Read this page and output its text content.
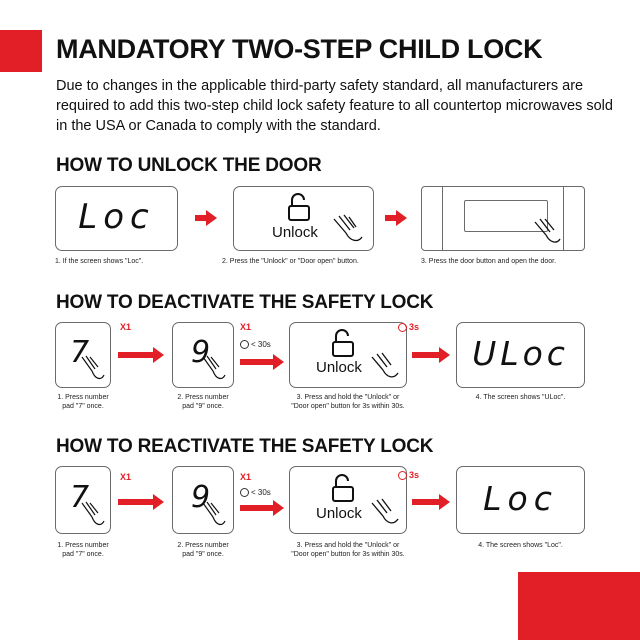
MANDATORY TWO-STEP CHILD LOCK
Due to changes in the applicable third-party safety standard, all manufacturers are required to add this two-step child lock safety feature to all countertop microwaves sold in the USA or Canada to comply with the standard.
HOW TO UNLOCK THE DOOR
Loc
1. If the screen shows "Loc".
Unlock
2. Press the "Unlock" or "Door open" button.	3. Press the door button and open the door.
HOW TO DEACTIVATE THE SAFETY LOCK
7
X1
1. Press number
pad "7" once.
9
X1
< 30s
2. Press number
pad "9" once.
Unlock
3s
3. Press and hold the "Unlock" or
"Door open" button for 3s within 30s.
ULoc
4. The screen shows "ULoc".
HOW TO REACTIVATE THE SAFETY LOCK
7
X1
1. Press number
pad "7" once.
9
X1
< 30s
2. Press number
pad "9" once.
Unlock
3s
3. Press and hold the "Unlock" or
"Door open" button for 3s within 30s.
Loc
4. The screen shows "Loc".
